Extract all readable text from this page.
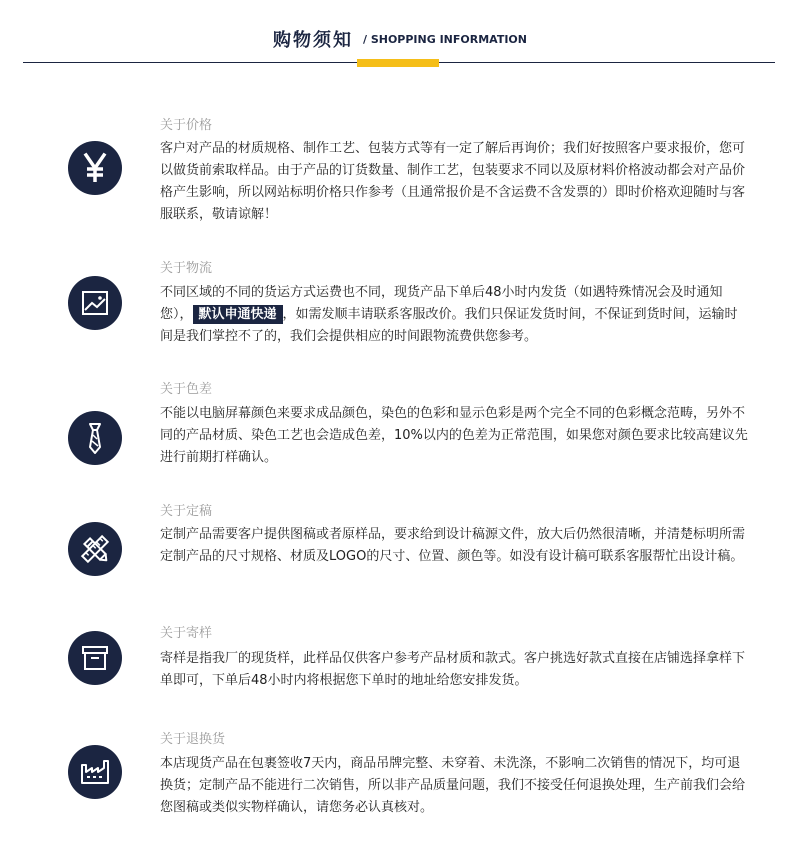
购物须知 / SHOPPING INFORMATION
关于价格

客户对产品的材质规格、制作工艺、包装方式等有一定了解后再询价；我们好按照客户要求报价，您可以做货前索取样品。由于产品的订货数量、制作工艺，包装要求不同以及原材料价格波动都会对产品价格产生影响，所以网站标明价格只作参考（且通常报价是不含运费不含发票的）即时价格欢迎随时与客服联系，敬请谅解！

关于物流

不同区域的不同的货运方式运费也不同，现货产品下单后48小时内发货（如遇特殊情况会及时通知您）， 默认申通快递 ，如需发顺丰请联系客服改价。我们只保证发货时间，不保证到货时间，运输时间是我们掌控不了的，我们会提供相应的时间跟物流费供您参考。

关于色差

不能以电脑屏幕颜色来要求成品颜色，染色的色彩和显示色彩是两个完全不同的色彩概念范畴，另外不同的产品材质、染色工艺也会造成色差，10%以内的色差为正常范围，如果您对颜色要求比较高建议先进行前期打样确认。

关于定稿

定制产品需要客户提供图稿或者原样品，要求给到设计稿源文件，放大后仍然很清晰，并清楚标明所需定制产品的尺寸规格、材质及LOGO的尺寸、位置、颜色等。如没有设计稿可联系客服帮忙出设计稿。

关于寄样

寄样是指我厂的现货样，此样品仅供客户参考产品材质和款式。客户挑选好款式直接在店铺选择拿样下单即可，下单后48小时内将根据您下单时的地址给您安排发货。

关于退换货

本店现货产品在包裹签收7天内，商品吊牌完整、未穿着、未洗涤，不影响二次销售的情况下，均可退换货；定制产品不能进行二次销售，所以非产品质量问题，我们不接受任何退换处理，生产前我们会给您图稿或类似实物样确认，请您务必认真核对。
